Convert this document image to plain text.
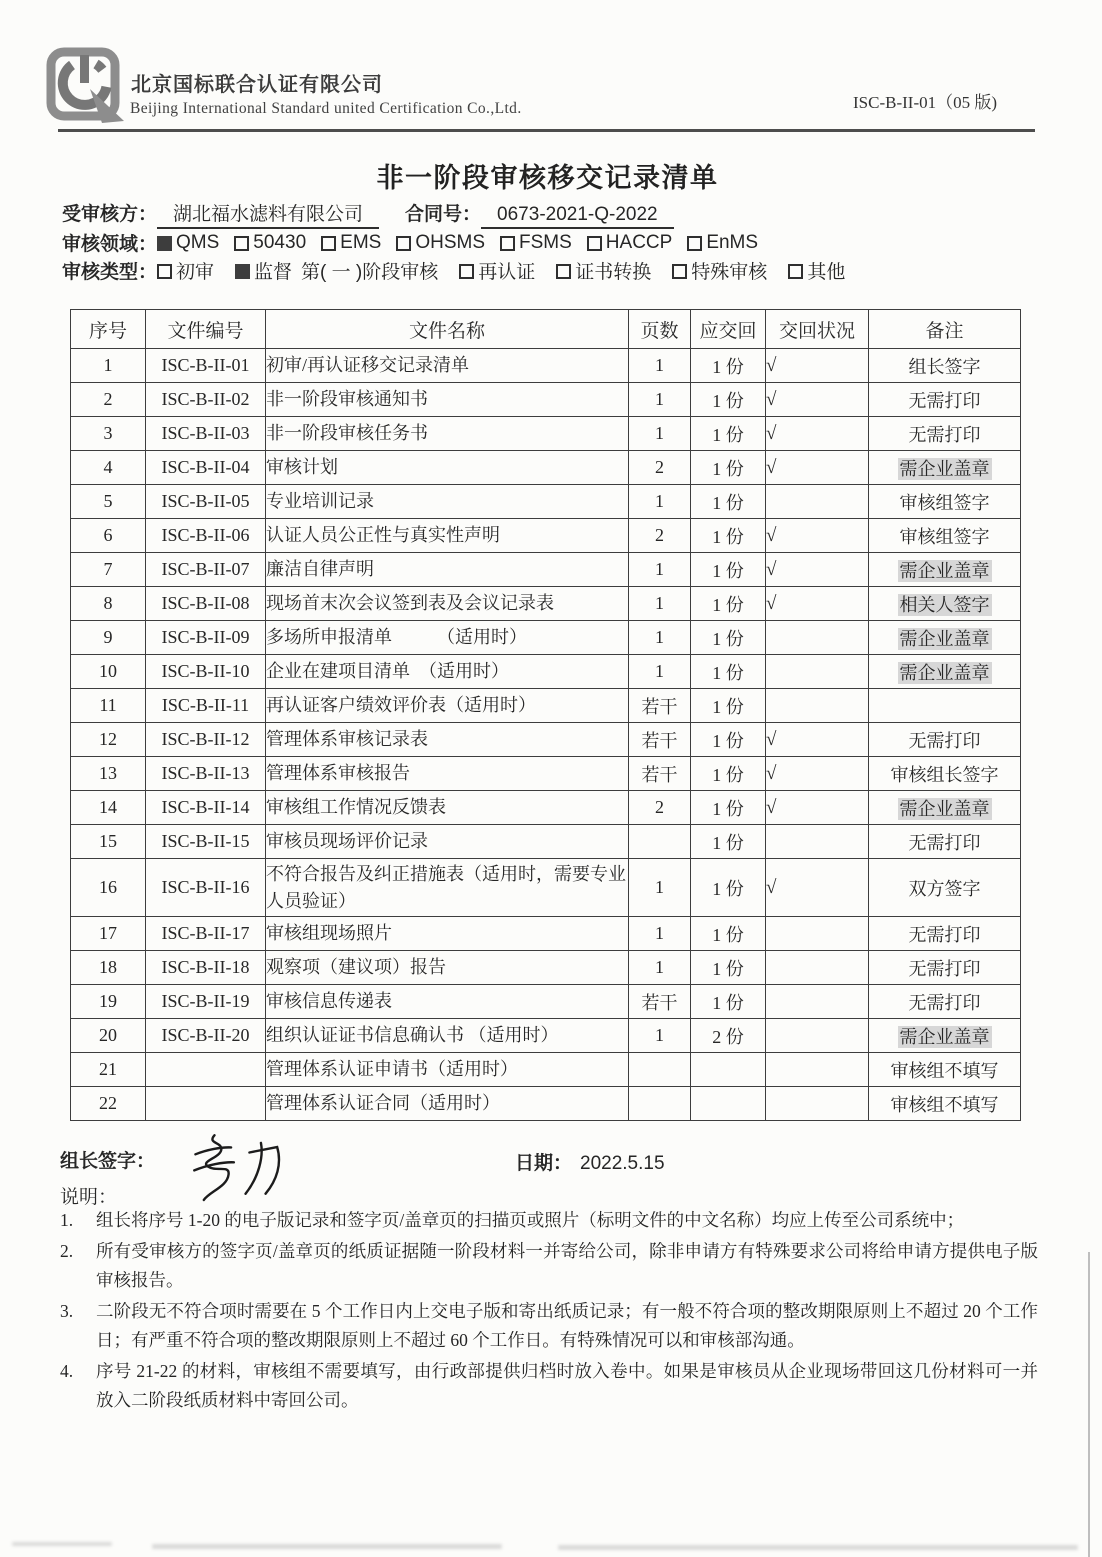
北京国标联合认证有限公司
Beijing International Standard united Certification Co.,Ltd.	ISC-B-II-01（05 版)
非一阶段审核移交记录清单
受审核方： 湖北福水滤料有限公司 合同号： 0673-2021-Q-2022
审核领域： QMS 50430 EMS OHSMS FSMS HACCP EnMS
审核类型： 初审 监督 第( 一 )阶段审核 再认证 证书转换 特殊审核 其他
序号	文件编号	文件名称	页数	应交回	交回状况	备注
1	ISC-B-II-01	初审/再认证移交记录清单	1	1 份	√	组长签字
2	ISC-B-II-02	非一阶段审核通知书	1	1 份	√	无需打印
3	ISC-B-II-03	非一阶段审核任务书	1	1 份	√	无需打印
4	ISC-B-II-04	审核计划	2	1 份	√	需企业盖章
5	ISC-B-II-05	专业培训记录	1	1 份		审核组签字
6	ISC-B-II-06	认证人员公正性与真实性声明	2	1 份	√	审核组签字
7	ISC-B-II-07	廉洁自律声明	1	1 份	√	需企业盖章
8	ISC-B-II-08	现场首末次会议签到表及会议记录表	1	1 份	√	相关人签字
9	ISC-B-II-09	多场所申报清单　　　（适用时）	1	1 份		需企业盖章
10	ISC-B-II-10	企业在建项目清单　（适用时）	1	1 份		需企业盖章
11	ISC-B-II-11	再认证客户绩效评价表（适用时）	若干	1 份		
12	ISC-B-II-12	管理体系审核记录表	若干	1 份	√	无需打印
13	ISC-B-II-13	管理体系审核报告	若干	1 份	√	审核组长签字
14	ISC-B-II-14	审核组工作情况反馈表	2	1 份	√	需企业盖章
15	ISC-B-II-15	审核员现场评价记录		1 份		无需打印
16	ISC-B-II-16	不符合报告及纠正措施表（适用时，需要专业人员验证）	1	1 份	√	双方签字
17	ISC-B-II-17	审核组现场照片	1	1 份		无需打印
18	ISC-B-II-18	观察项（建议项）报告	1	1 份		无需打印
19	ISC-B-II-19	审核信息传递表	若干	1 份		无需打印
20	ISC-B-II-20	组织认证证书信息确认书 （适用时）	1	2 份		需企业盖章
21		管理体系认证申请书（适用时）				审核组不填写
22		管理体系认证合同（适用时）				审核组不填写
组长签字：	日期： 2022.5.15
说明：
1.	组长将序号 1-20 的电子版记录和签字页/盖章页的扫描页或照片（标明文件的中文名称）均应上传至公司系统中；
2.	所有受审核方的签字页/盖章页的纸质证据随一阶段材料一并寄给公司，除非申请方有特殊要求公司将给申请方提供电子版审核报告。
3.	二阶段无不符合项时需要在 5 个工作日内上交电子版和寄出纸质记录；有一般不符合项的整改期限原则上不超过 20 个工作日；有严重不符合项的整改期限原则上不超过 60 个工作日。有特殊情况可以和审核部沟通。
4.	序号 21-22 的材料，审核组不需要填写，由行政部提供归档时放入卷中。如果是审核员从企业现场带回这几份材料可一并放入二阶段纸质材料中寄回公司。
